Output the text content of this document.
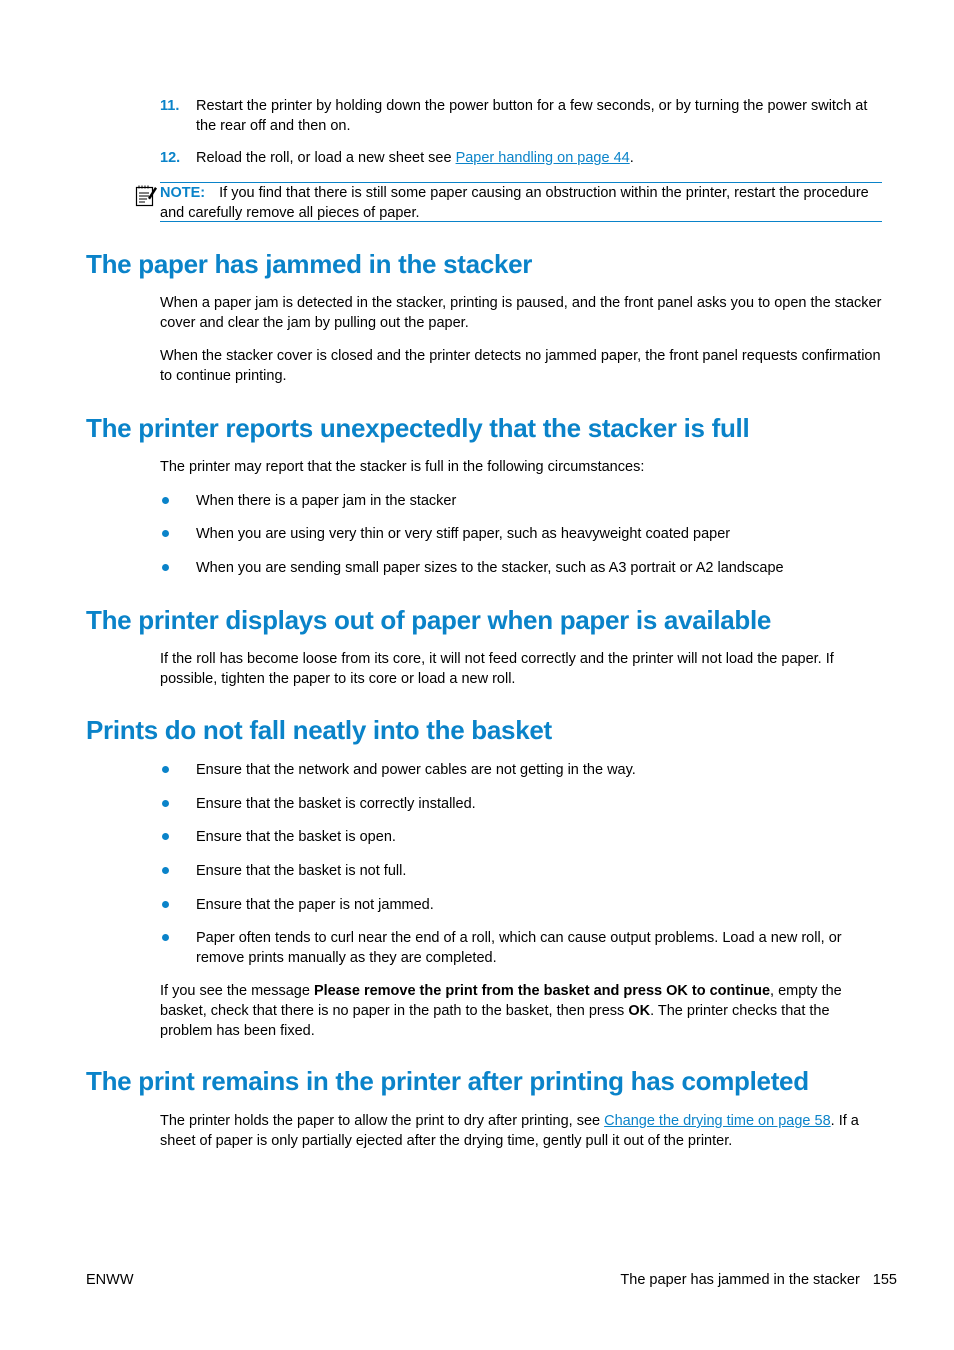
11. Restart the printer by holding down the power button for a few seconds, or by turning the power switch at the rear off and then on.
12. Reload the roll, or load a new sheet see Paper handling on page 44.
NOTE: If you find that there is still some paper causing an obstruction within the printer, restart the procedure and carefully remove all pieces of paper.
The paper has jammed in the stacker

When a paper jam is detected in the stacker, printing is paused, and the front panel asks you to open the stacker cover and clear the jam by pulling out the paper.

When the stacker cover is closed and the printer detects no jammed paper, the front panel requests confirmation to continue printing.

The printer reports unexpectedly that the stacker is full

The printer may report that the stacker is full in the following circumstances:

When there is a paper jam in the stacker
When you are using very thin or very stiff paper, such as heavyweight coated paper
When you are sending small paper sizes to the stacker, such as A3 portrait or A2 landscape
The printer displays out of paper when paper is available

If the roll has become loose from its core, it will not feed correctly and the printer will not load the paper. If possible, tighten the paper to its core or load a new roll.

Prints do not fall neatly into the basket
Ensure that the network and power cables are not getting in the way.
Ensure that the basket is correctly installed.
Ensure that the basket is open.
Ensure that the basket is not full.
Ensure that the paper is not jammed.
Paper often tends to curl near the end of a roll, which can cause output problems. Load a new roll, or remove prints manually as they are completed.

If you see the message Please remove the print from the basket and press OK to continue, empty the basket, check that there is no paper in the path to the basket, then press OK. The printer checks that the problem has been fixed.

The print remains in the printer after printing has completed

The printer holds the paper to allow the print to dry after printing, see Change the drying time on page 58. If a sheet of paper is only partially ejected after the drying time, gently pull it out of the printer.

ENWW	The paper has jammed in the stacker 155
